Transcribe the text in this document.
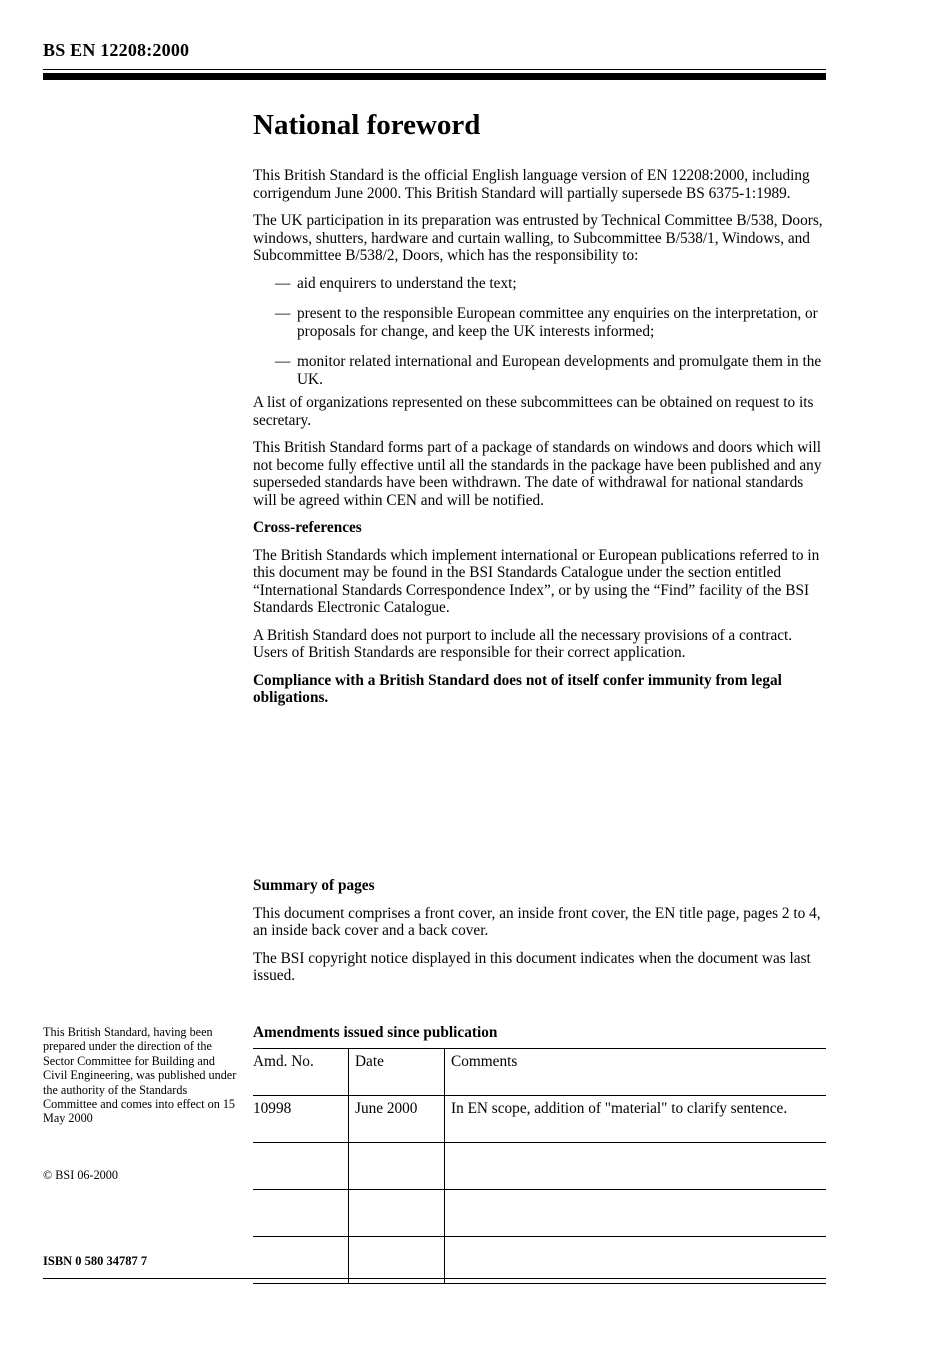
BS EN 12208:2000
National foreword

This British Standard is the official English language version of EN 12208:2000, including corrigendum June 2000. This British Standard will partially supersede BS 6375-1:1989.

The UK participation in its preparation was entrusted by Technical Committee B/538, Doors, windows, shutters, hardware and curtain walling, to Subcommittee B/538/1, Windows, and Subcommittee B/538/2, Doors, which has the responsibility to:

— aid enquirers to understand the text;
— present to the responsible European committee any enquiries on the interpretation, or proposals for change, and keep the UK interests informed;
— monitor related international and European developments and promulgate them in the UK.

A list of organizations represented on these subcommittees can be obtained on request to its secretary.

This British Standard forms part of a package of standards on windows and doors which will not become fully effective until all the standards in the package have been published and any superseded standards have been withdrawn. The date of withdrawal for national standards will be agreed within CEN and will be notified.

Cross-references

The British Standards which implement international or European publications referred to in this document may be found in the BSI Standards Catalogue under the section entitled “International Standards Correspondence Index”, or by using the “Find” facility of the BSI Standards Electronic Catalogue.

A British Standard does not purport to include all the necessary provisions of a contract. Users of British Standards are responsible for their correct application.

Compliance with a British Standard does not of itself confer immunity from legal obligations.

Summary of pages

This document comprises a front cover, an inside front cover, the EN title page, pages 2 to 4, an inside back cover and a back cover.

The BSI copyright notice displayed in this document indicates when the document was last issued.

This British Standard, having been prepared under the direction of the Sector Committee for Building and Civil Engineering, was published under the authority of the Standards Committee and comes into effect on 15 May 2000
© BSI 06-2000
ISBN 0 580 34787 7
Amendments issued since publication
Amd. No.	Date	Comments
10998	June 2000	In EN scope, addition of "material" to clarify sentence.
